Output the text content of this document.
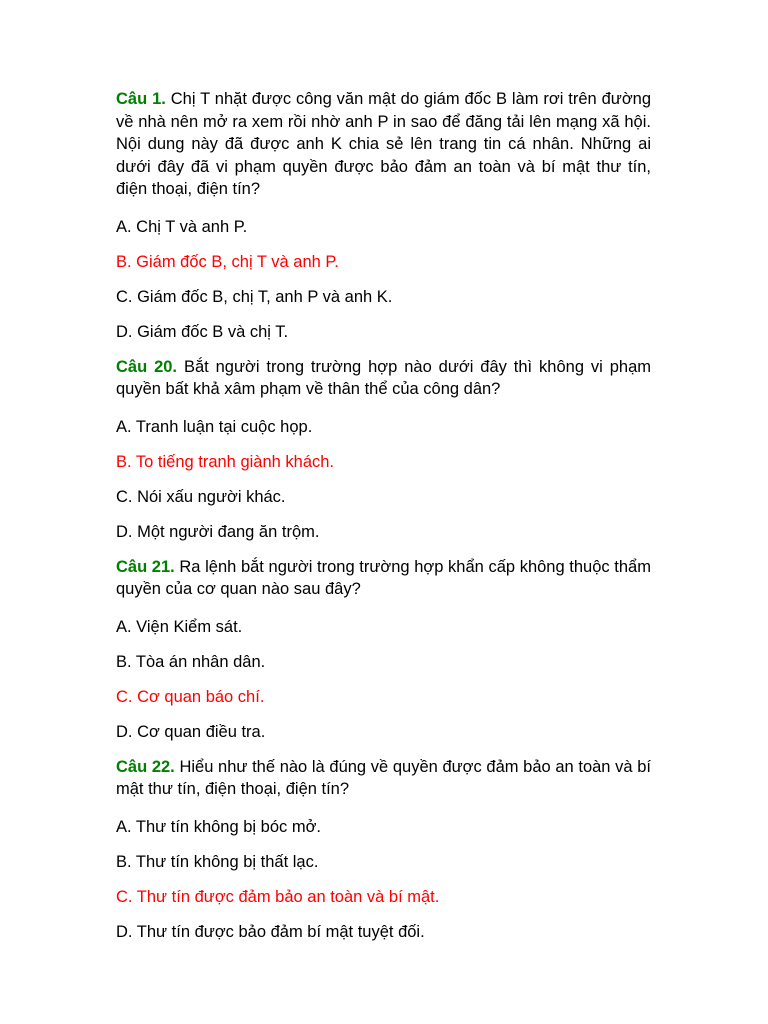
Câu 1. Chị T nhặt được công văn mật do giám đốc B làm rơi trên đường về nhà nên mở ra xem rồi nhờ anh P in sao để đăng tải lên mạng xã hội. Nội dung này đã được anh K chia sẻ lên trang tin cá nhân. Những ai dưới đây đã vi phạm quyền được bảo đảm an toàn và bí mật thư tín, điện thoại, điện tín?

A. Chị T và anh P.

B. Giám đốc B, chị T và anh P.

C. Giám đốc B, chị T, anh P và anh K.

D. Giám đốc B và chị T.

Câu 20. Bắt người trong trường hợp nào dưới đây thì không vi phạm quyền bất khả xâm phạm về thân thể của công dân?

A. Tranh luận tại cuộc họp.

B. To tiếng tranh giành khách.

C. Nói xấu người khác.

D. Một người đang ăn trộm.

Câu 21. Ra lệnh bắt người trong trường hợp khẩn cấp không thuộc thẩm quyền của cơ quan nào sau đây?

A. Viện Kiểm sát.

B. Tòa án nhân dân.

C. Cơ quan báo chí.

D. Cơ quan điều tra.

Câu 22. Hiểu như thế nào là đúng về quyền được đảm bảo an toàn và bí mật thư tín, điện thoại, điện tín?

A. Thư tín không bị bóc mở.

B. Thư tín không bị thất lạc.

C. Thư tín được đảm bảo an toàn và bí mật.

D. Thư tín được bảo đảm bí mật tuyệt đối.
